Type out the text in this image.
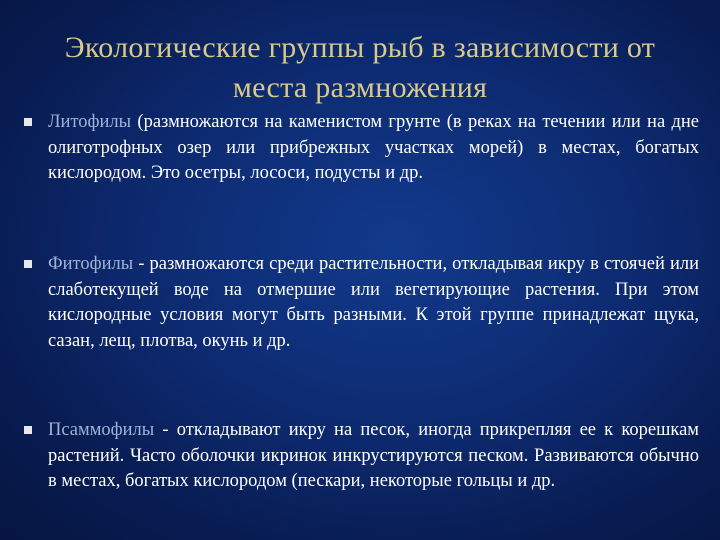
Экологические группы рыб в зависимости от места размножения
Литофилы (размножаются на каменистом грунте (в реках на течении или на дне олиготрофных озер или прибрежных участках морей) в местах, богатых кислородом. Это осетры, лососи, подусты и др.
Фитофилы - размножаются среди растительности, откладывая икру в стоячей или слаботекущей воде на отмершие или вегетирующие растения. При этом кислородные условия могут быть разными. К этой группе принадлежат щука, сазан, лещ, плотва, окунь и др.
Псаммофилы - откладывают икру на песок, иногда прикрепляя ее к корешкам растений. Часто оболочки икринок инкрустируются песком. Развиваются обычно в местах, богатых кислородом (пескари, некоторые гольцы и др.
